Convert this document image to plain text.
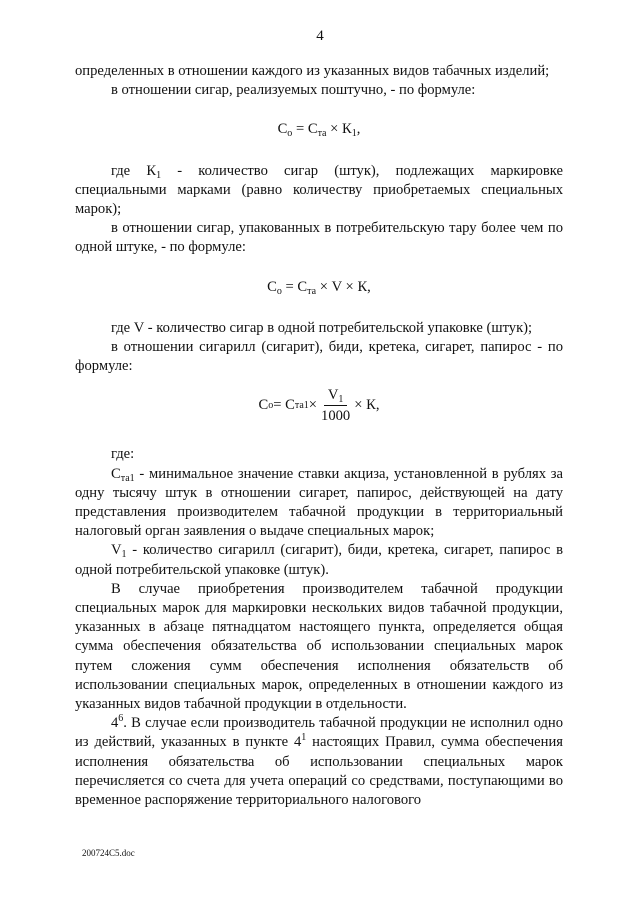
4

определенных в отношении каждого из указанных видов табачных изделий;

в отношении сигар, реализуемых поштучно, - по формуле:

$С_о = С_{та} \times К_1$,

где $К_1$ - количество сигар (штук), подлежащих маркировке специальными марками (равно количеству приобретаемых специальных марок);

в отношении сигар, упакованных в потребительскую тару более чем по одной штуке, - по формуле:

$С_о = С_{та} \times V \times К$,

где V - количество сигар в одной потребительской упаковке (штук);

в отношении сигарилл (сигарит), биди, кретека, сигарет, папирос - по формуле:

С о = С $та1 \times \frac{V_1}{1000} \times К$,

где:

$С_{та1}$ - минимальное значение ставки акциза, установленной в рублях за одну тысячу штук в отношении сигарет, папирос, действующей на дату представления производителем табачной продукции в территориальный налоговый орган заявления о выдаче специальных марок;

$V_1$ - количество сигарилл (сигарит), биди, кретека, сигарет, папирос в одной потребительской упаковке (штук).

В случае приобретения производителем табачной продукции специальных марок для маркировки нескольких видов табачной продукции, указанных в абзаце пятнадцатом настоящего пункта, определяется общая сумма обеспечения обязательства об использовании специальных марок путем сложения сумм обеспечения исполнения обязательств об использовании специальных марок, определенных в отношении каждого из указанных видов табачной продукции в отдельности.

$4^6$. В случае если производитель табачной продукции не исполнил одно из действий, указанных в пункте $4^1$ настоящих Правил, сумма обеспечения исполнения обязательства об использовании специальных марок перечисляется со счета для учета операций со средствами, поступающими во временное распоряжение территориального налогового

200724C5.doc
